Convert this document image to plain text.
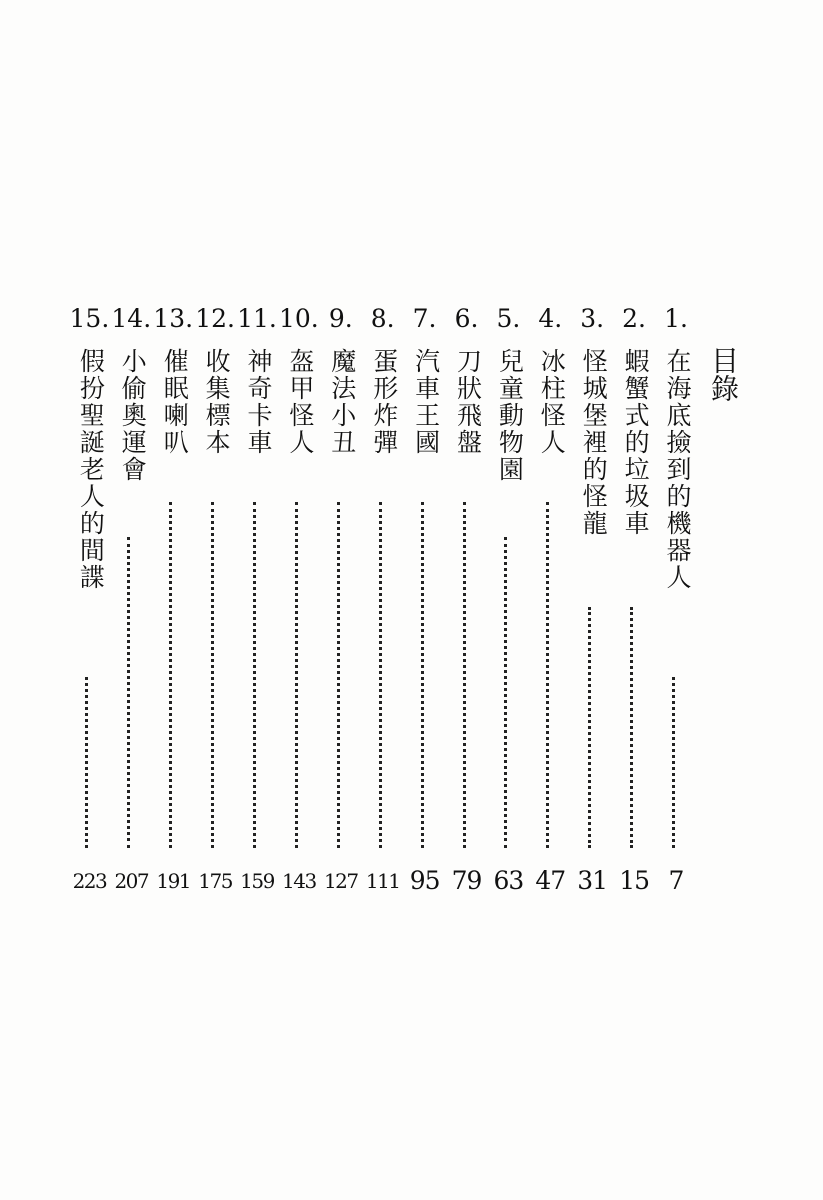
目錄
1.
在海底撿到的機器人
7
2.
蝦蟹式的垃圾車
15
3.
怪城堡裡的怪龍
31
4.
冰柱怪人
47
5.
兒童動物園
63
6.
刀狀飛盤
79
7.
汽車王國
95
8.
蛋形炸彈
111
9.
魔法小丑
127
10.
盔甲怪人
143
11.
神奇卡車
159
12.
收集標本
175
13.
催眠喇叭
191
14.
小偷奧運會
207
15.
假扮聖誕老人的間諜
223
